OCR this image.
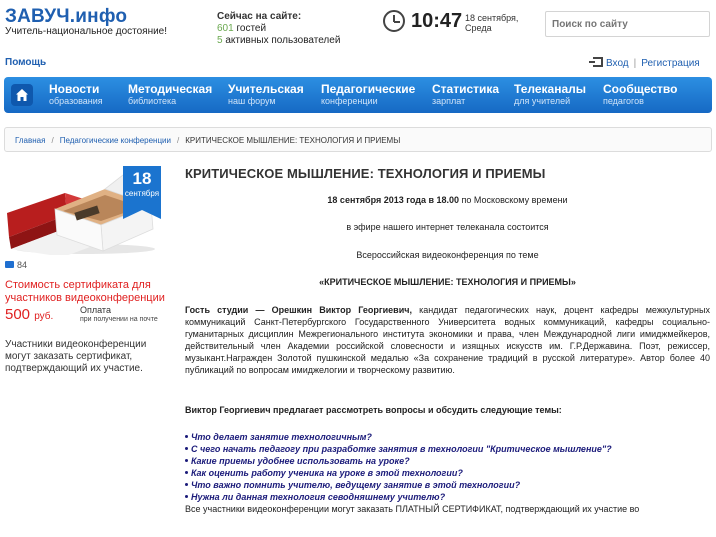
ЗАВУЧ.инфо
Учитель-национальное достояние!
Сейчас на сайте:
601 гостей
5 активных пользователей
10:47 18 сентября,
Среда
Поиск по сайту
Помощь	Вход | Регистрация
Новости
образования
Методическая
библиотека
Учительская
наш форум
Педагогические
конференции
Статистика
зарплат
Телеканалы
для учителей
Сообщество
педагогов
Главная / Педагогические конференции / КРИТИЧЕСКОЕ МЫШЛЕНИЕ: ТЕХНОЛОГИЯ И ПРИЕМЫ
18
сентября
84
Стоимость сертификата для участников видеоконференции
500 руб.
Оплата
при получении на почте
Участники видеоконференции могут заказать сертификат, подтверждающий их участие.
КРИТИЧЕСКОЕ МЫШЛЕНИЕ: ТЕХНОЛОГИЯ И ПРИЕМЫ
18 сентября 2013 года в 18.00 по Московскому времени
в эфире нашего интернет телеканала состоится
Всероссийская видеоконференция по теме
«КРИТИЧЕСКОЕ МЫШЛЕНИЕ: ТЕХНОЛОГИЯ И ПРИЕМЫ»
Гость студии — Орешкин Виктор Георгиевич, кандидат педагогических наук, доцент кафедры межкультурных коммуникаций Санкт-Петербургского Государственного Университета водных коммуникаций, кафедры социально-гуманитарных дисциплин Межрегионального института экономики и права, член Международной лиги имиджмейкеров, действительный член Академии российской словесности и изящных искусств им. Г.Р.Державина. Поэт, режиссер, музыкант.Награжден Золотой пушкинской медалью «За сохранение традиций в русской литературе». Автор более 40 публикаций по вопросам имиджелогии и творческому развитию.
Виктор Георгиевич предлагает рассмотреть вопросы и обсудить следующие темы:
Что делает занятие технологичным?
С чего начать педагогу при разработке занятия в технологии "Критическое мышление"?
Какие приемы удобнее использовать на уроке?
Как оценить работу ученика на уроке в этой технологии?
Что важно помнить учителю, ведущему занятие в этой технологии?
Нужна ли данная технология севодняшнему учителю?
Все участники видеоконференции могут заказать ПЛАТНЫЙ СЕРТИФИКАТ, подтверждающий их участие во
